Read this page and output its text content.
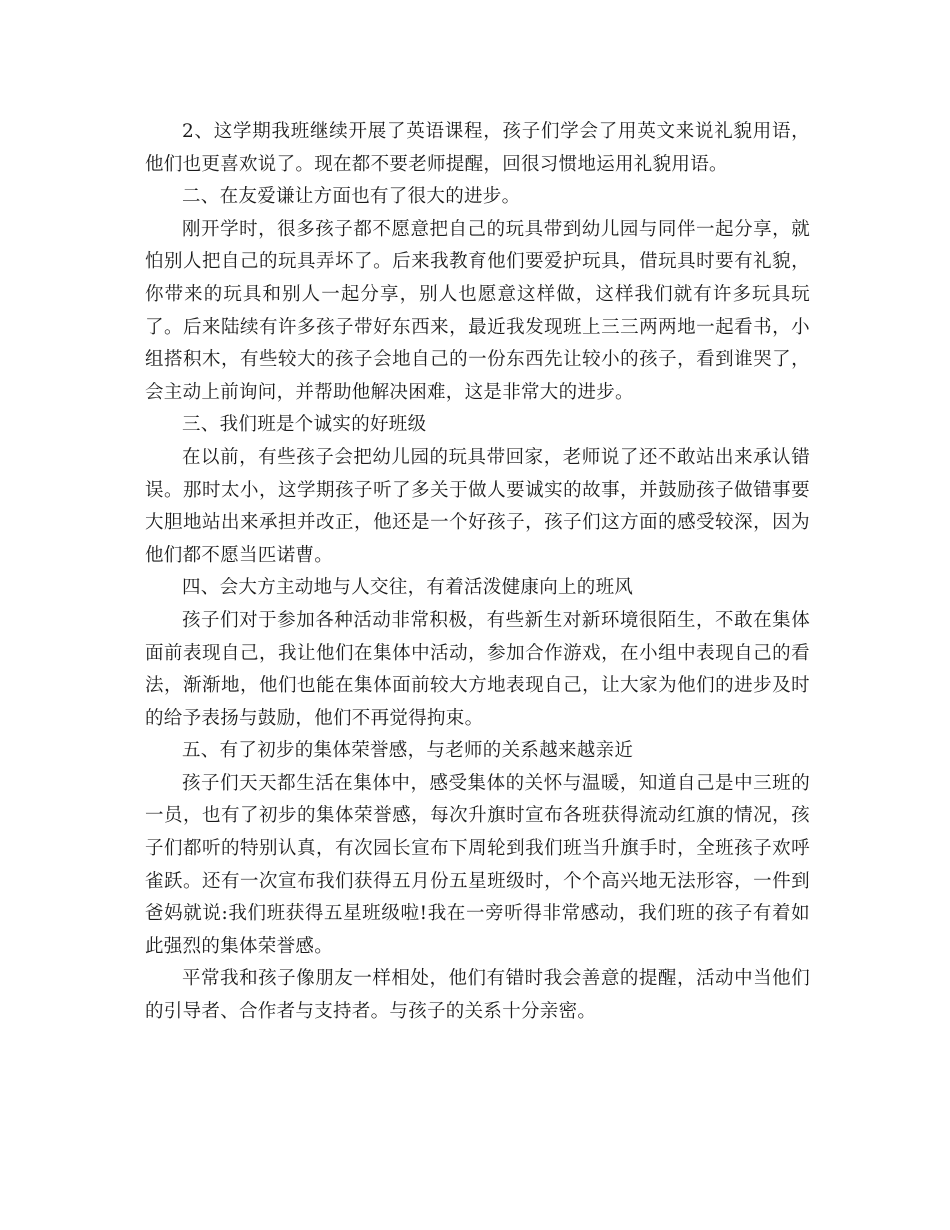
2、这学期我班继续开展了英语课程，孩子们学会了用英文来说礼貌用语，他们也更喜欢说了。现在都不要老师提醒，回很习惯地运用礼貌用语。

二、在友爱谦让方面也有了很大的进步。

刚开学时，很多孩子都不愿意把自己的玩具带到幼儿园与同伴一起分享，就怕别人把自己的玩具弄坏了。后来我教育他们要爱护玩具，借玩具时要有礼貌，你带来的玩具和别人一起分享，别人也愿意这样做，这样我们就有许多玩具玩了。后来陆续有许多孩子带好东西来，最近我发现班上三三两两地一起看书，小组搭积木，有些较大的孩子会地自己的一份东西先让较小的孩子，看到谁哭了，会主动上前询问，并帮助他解决困难，这是非常大的进步。

三、我们班是个诚实的好班级

在以前，有些孩子会把幼儿园的玩具带回家，老师说了还不敢站出来承认错误。那时太小，这学期孩子听了多关于做人要诚实的故事，并鼓励孩子做错事要大胆地站出来承担并改正，他还是一个好孩子，孩子们这方面的感受较深，因为他们都不愿当匹诺曹。

四、会大方主动地与人交往，有着活泼健康向上的班风

孩子们对于参加各种活动非常积极，有些新生对新环境很陌生，不敢在集体面前表现自己，我让他们在集体中活动，参加合作游戏，在小组中表现自己的看法，渐渐地，他们也能在集体面前较大方地表现自己，让大家为他们的进步及时的给予表扬与鼓励，他们不再觉得拘束。

五、有了初步的集体荣誉感，与老师的关系越来越亲近

孩子们天天都生活在集体中，感受集体的关怀与温暖，知道自己是中三班的一员，也有了初步的集体荣誉感，每次升旗时宣布各班获得流动红旗的情况，孩子们都听的特别认真，有次园长宣布下周轮到我们班当升旗手时，全班孩子欢呼雀跃。还有一次宣布我们获得五月份五星班级时，个个高兴地无法形容，一件到爸妈就说:我们班获得五星班级啦!我在一旁听得非常感动，我们班的孩子有着如此强烈的集体荣誉感。

平常我和孩子像朋友一样相处，他们有错时我会善意的提醒，活动中当他们的引导者、合作者与支持者。与孩子的关系十分亲密。
